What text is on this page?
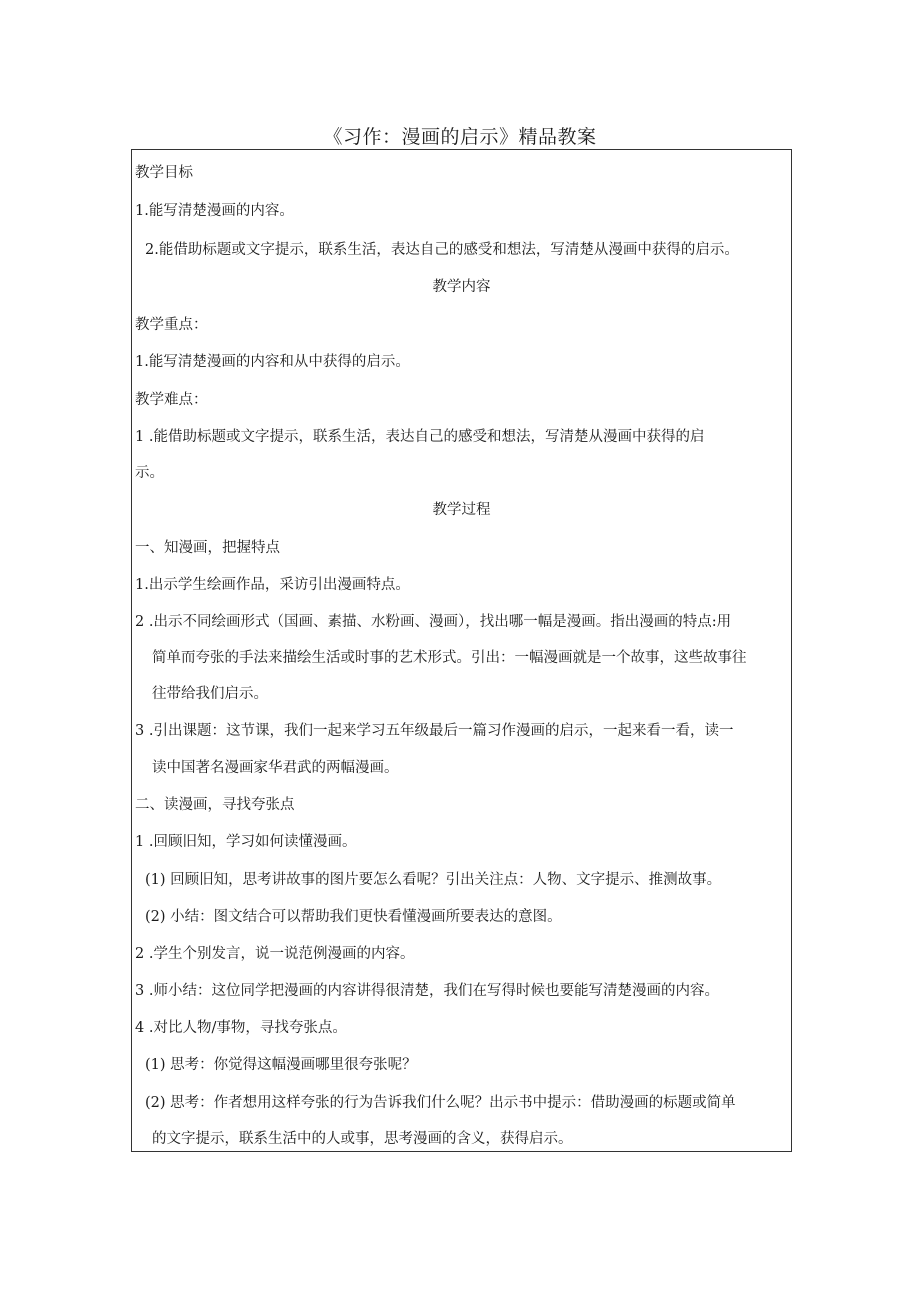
《习作：漫画的启示》精品教案
教学目标
1.能写清楚漫画的内容。
2.能借助标题或文字提示，联系生活，表达自己的感受和想法，写清楚从漫画中获得的启示。
教学内容
教学重点：
1.能写清楚漫画的内容和从中获得的启示。
教学难点：
1 .能借助标题或文字提示，联系生活，表达自己的感受和想法，写清楚从漫画中获得的启
示。
教学过程
一、知漫画，把握特点
1.出示学生绘画作品，采访引出漫画特点。
2 .出示不同绘画形式（国画、素描、水粉画、漫画），找出哪一幅是漫画。指出漫画的特点:用
简单而夸张的手法来描绘生活或时事的艺术形式。引出：一幅漫画就是一个故事，这些故事往
往带给我们启示。
3 .引出课题：这节课，我们一起来学习五年级最后一篇习作漫画的启示，一起来看一看，读一
读中国著名漫画家华君武的两幅漫画。
二、读漫画，寻找夸张点
1 .回顾旧知，学习如何读懂漫画。
(1) 回顾旧知，思考讲故事的图片要怎么看呢？引出关注点：人物、文字提示、推测故事。
(2) 小结：图文结合可以帮助我们更快看懂漫画所要表达的意图。
2 .学生个别发言，说一说范例漫画的内容。
3 .师小结：这位同学把漫画的内容讲得很清楚，我们在写得时候也要能写清楚漫画的内容。
4 .对比人物/事物，寻找夸张点。
(1) 思考：你觉得这幅漫画哪里很夸张呢？
(2) 思考：作者想用这样夸张的行为告诉我们什么呢？出示书中提示：借助漫画的标题或简单
的文字提示，联系生活中的人或事，思考漫画的含义，获得启示。
